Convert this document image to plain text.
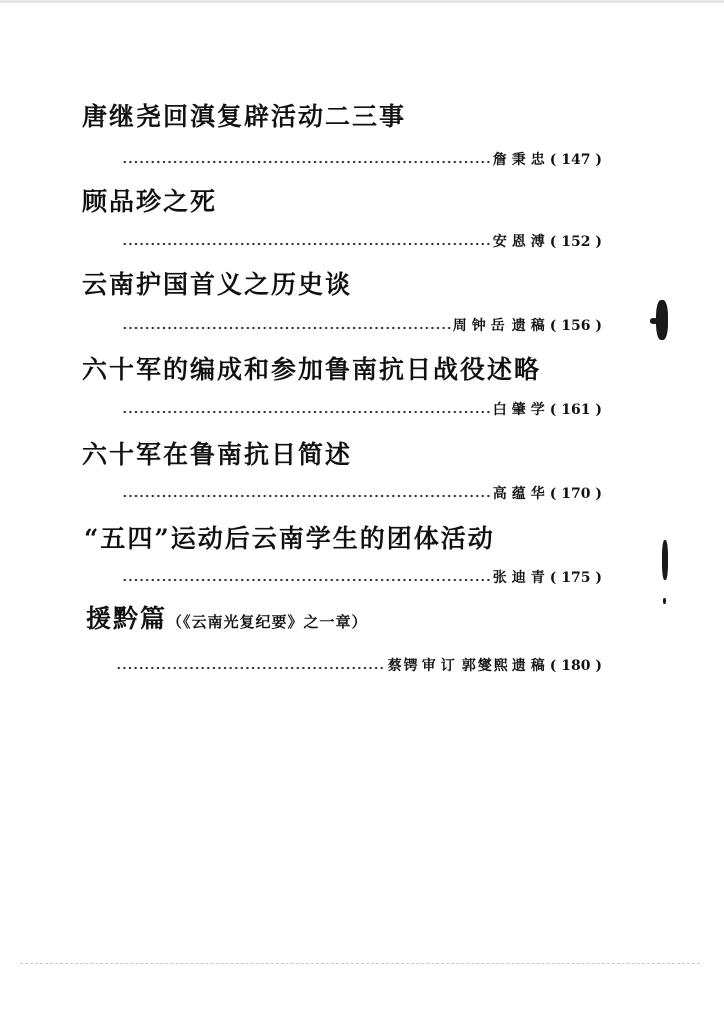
唐继尧回滇复辟活动二三事
詹秉忠 ( 147 )
顾品珍之死
安恩溥 ( 152 )
云南护国首义之历史谈
周钟岳 遗稿 ( 156 )
六十军的编成和参加鲁南抗日战役述略
白肇学 ( 161 )
六十军在鲁南抗日简述
高蕴华 ( 170 )
“五四”运动后云南学生的团体活动
张迪青 ( 175 )
援黔篇（《云南光复纪要》之一章）
蔡锷 审订 郭燮熙 遗稿 ( 180 )
